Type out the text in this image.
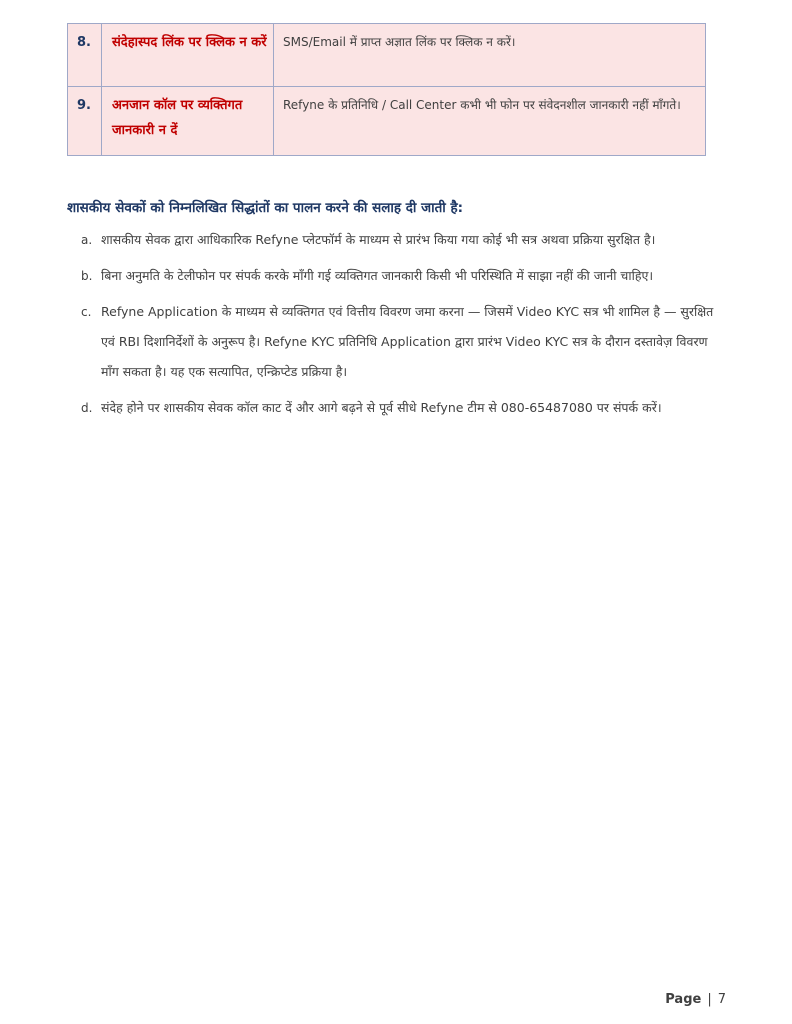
8.	संदेहास्पद लिंक पर क्लिक न करें	SMS/Email में प्राप्त अज्ञात लिंक पर क्लिक न करें।

9.	अनजान कॉल पर व्यक्तिगत जानकारी न दें	Refyne के प्रतिनिधि / Call Center कभी भी फोन पर संवेदनशील जानकारी नहीं माँगते।
शासकीय सेवकों को निम्नलिखित सिद्धांतों का पालन करने की सलाह दी जाती है:
a. शासकीय सेवक द्वारा आधिकारिक Refyne प्लेटफॉर्म के माध्यम से प्रारंभ किया गया कोई भी सत्र अथवा प्रक्रिया सुरक्षित है।
b. बिना अनुमति के टेलीफोन पर संपर्क करके माँगी गई व्यक्तिगत जानकारी किसी भी परिस्थिति में साझा नहीं की जानी चाहिए।
c. Refyne Application के माध्यम से व्यक्तिगत एवं वित्तीय विवरण जमा करना — जिसमें Video KYC सत्र भी शामिल है — सुरक्षित एवं RBI दिशानिर्देशों के अनुरूप है। Refyne KYC प्रतिनिधि Application द्वारा प्रारंभ Video KYC सत्र के दौरान दस्तावेज़ विवरण माँग सकता है। यह एक सत्यापित, एन्क्रिप्टेड प्रक्रिया है।
d. संदेह होने पर शासकीय सेवक कॉल काट दें और आगे बढ़ने से पूर्व सीधे Refyne टीम से 080-65487080 पर संपर्क करें।
Page | 7
